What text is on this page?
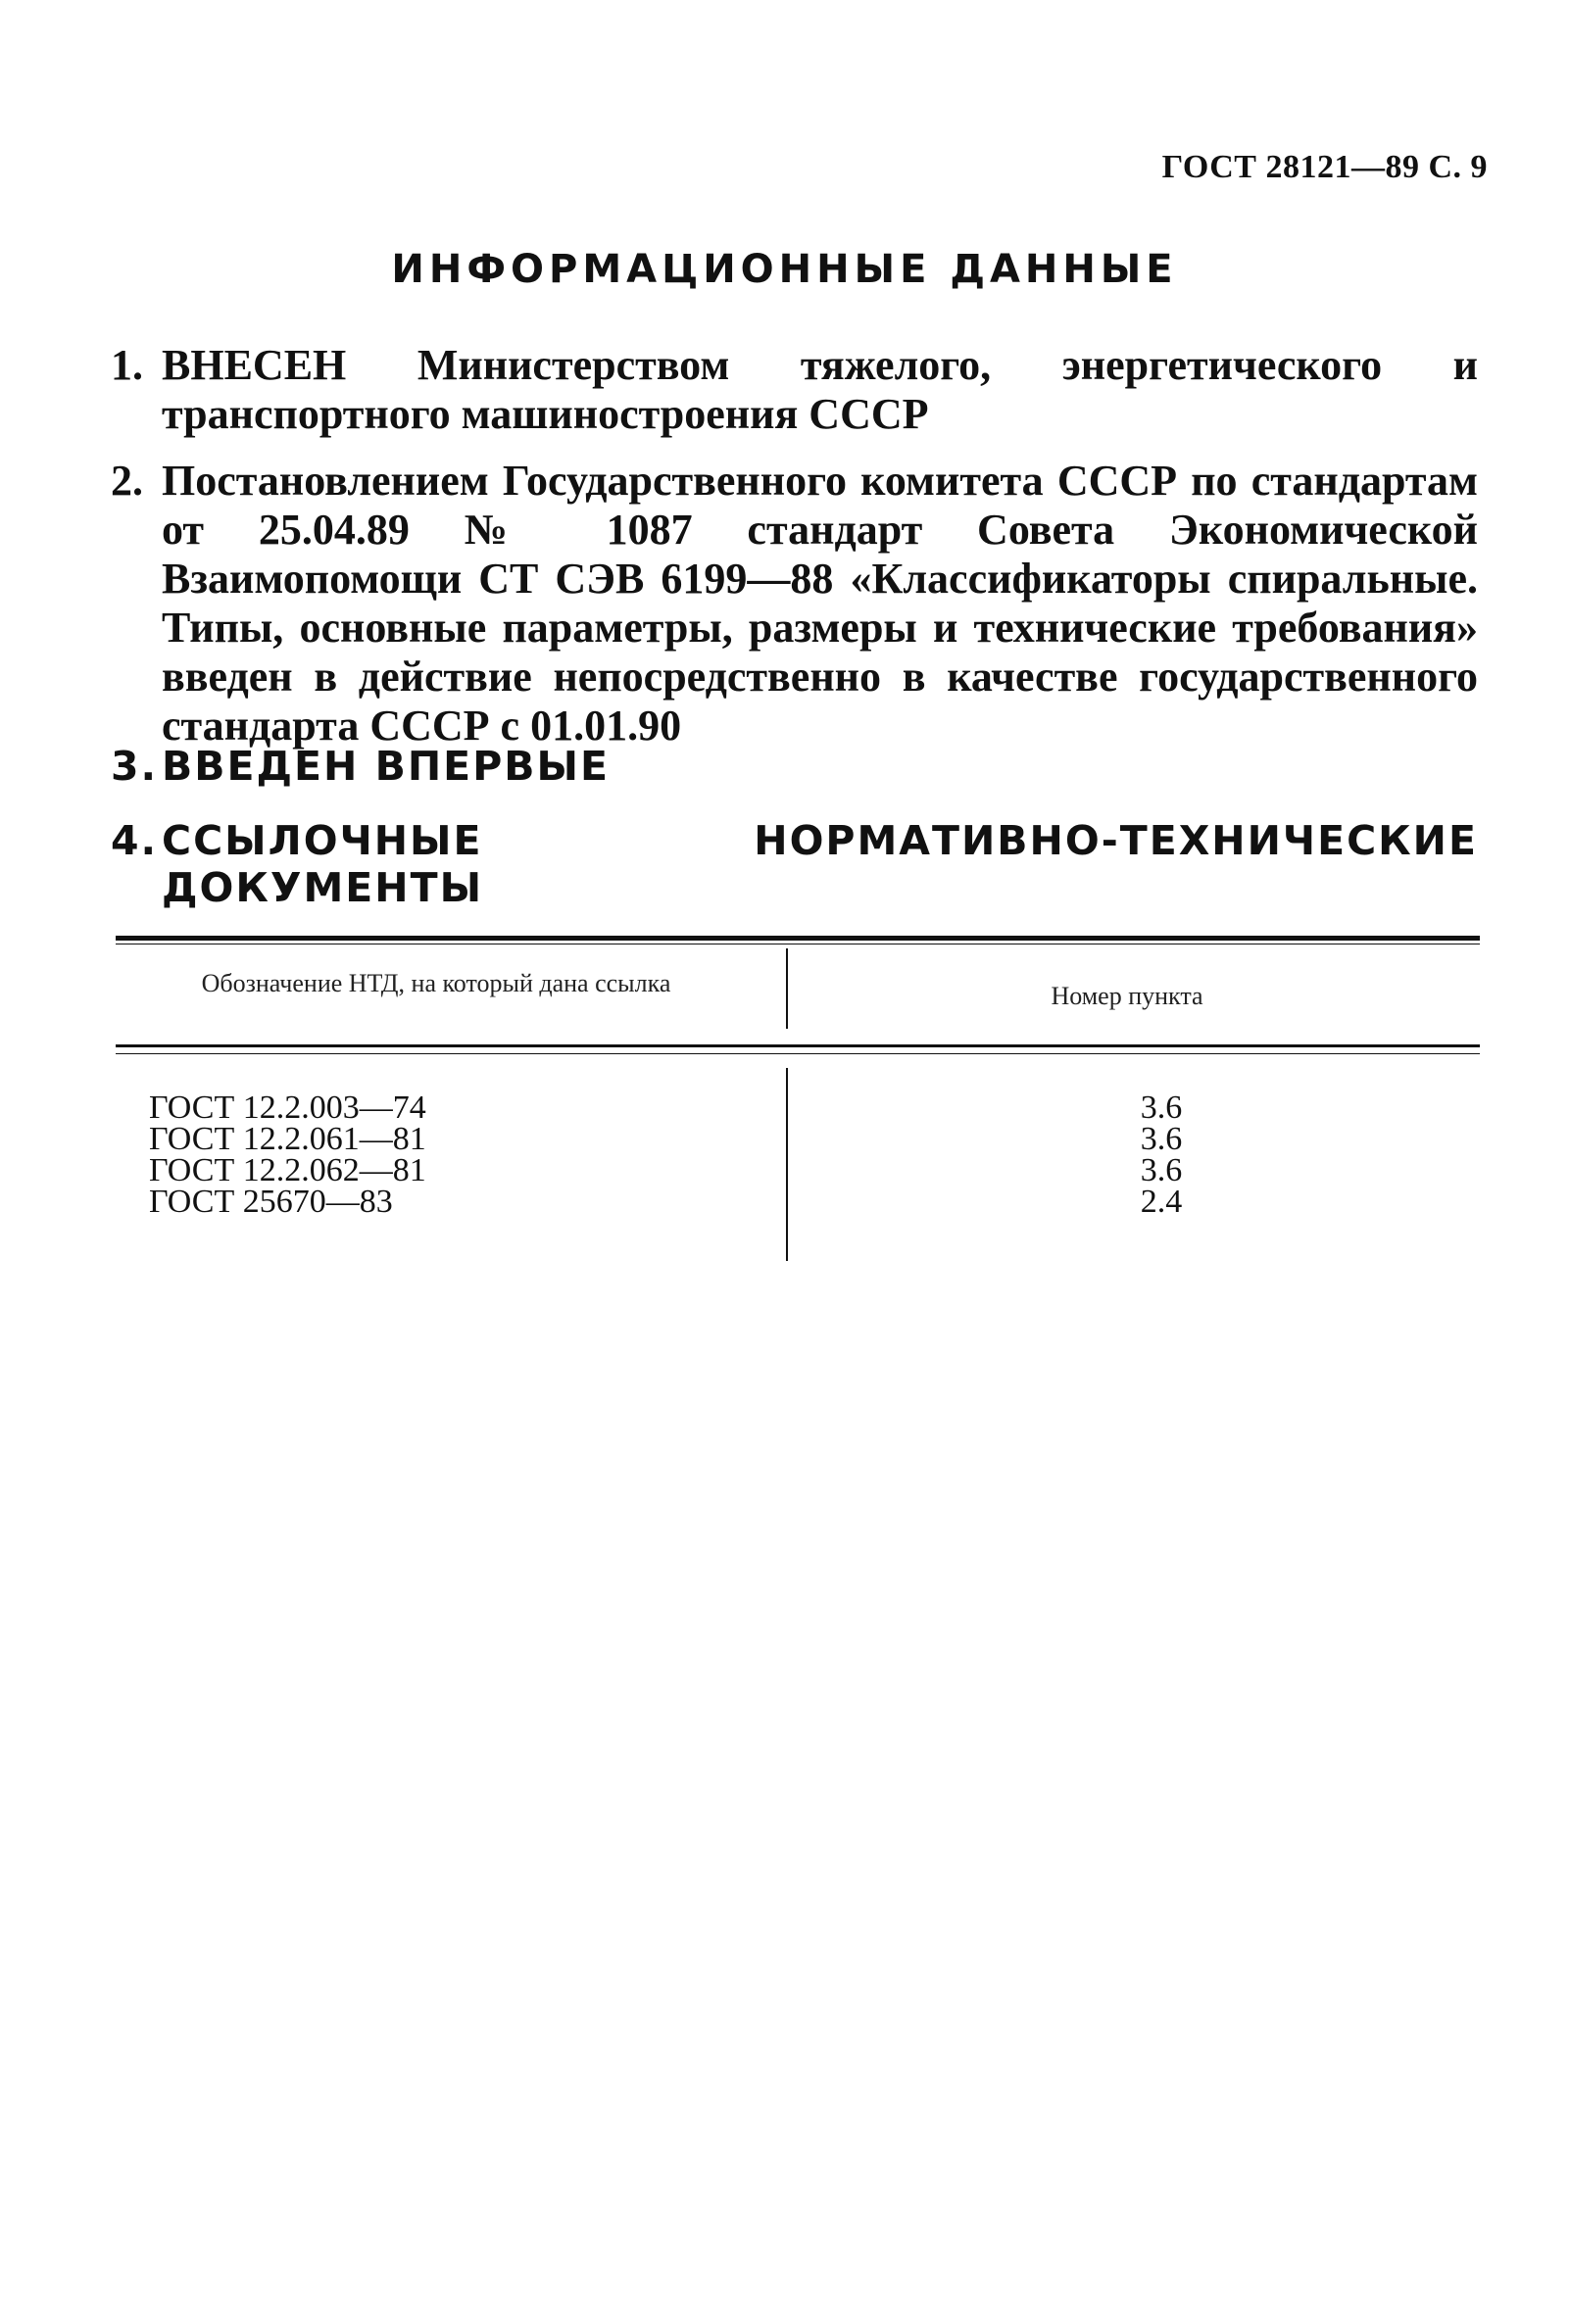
ГОСТ 28121—89 С. 9
ИНФОРМАЦИОННЫЕ ДАННЫЕ
1. ВНЕСЕН Министерством тяжелого, энергетического и транспортного машиностроения СССР
2. Постановлением Государственного комитета СССР по стандартам от 25.04.89 № 1087 стандарт Совета Экономической Взаимопомощи СТ СЭВ 6199—88 «Классификаторы спиральные. Типы, основные параметры, размеры и технические требования» введен в действие непосредственно в качестве государственного стандарта СССР с 01.01.90
3. ВВЕДЕН ВПЕРВЫЕ
4. ССЫЛОЧНЫЕ НОРМАТИВНО-ТЕХНИЧЕСКИЕ ДОКУМЕНТЫ
Обозначение НТД, на который дана ссылка	Номер пункта
ГОСТ 12.2.003—74	3.6
ГОСТ 12.2.061—81	3.6
ГОСТ 12.2.062—81	3.6
ГОСТ 25670—83	2.4
